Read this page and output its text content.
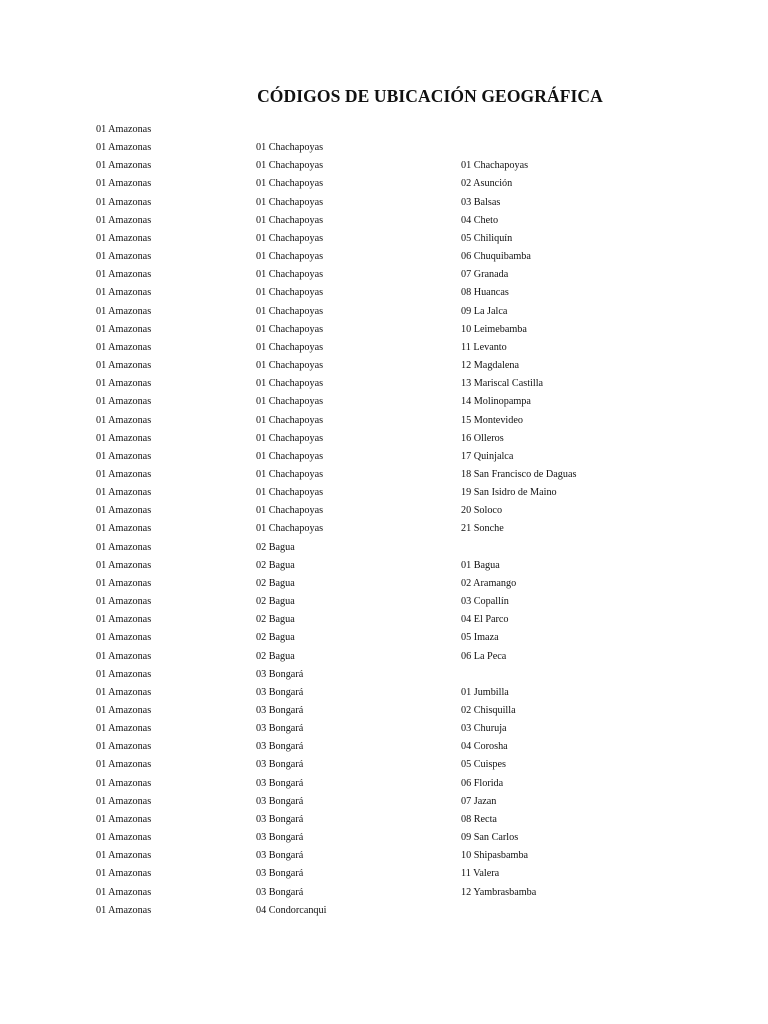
CÓDIGOS DE UBICACIÓN GEOGRÁFICA
01 Amazonas
01 Amazonas	01 Chachapoyas
01 Amazonas	01 Chachapoyas	01 Chachapoyas
01 Amazonas	01 Chachapoyas	02 Asunción
01 Amazonas	01 Chachapoyas	03 Balsas
01 Amazonas	01 Chachapoyas	04 Cheto
01 Amazonas	01 Chachapoyas	05 Chiliquín
01 Amazonas	01 Chachapoyas	06 Chuquibamba
01 Amazonas	01 Chachapoyas	07 Granada
01 Amazonas	01 Chachapoyas	08 Huancas
01 Amazonas	01 Chachapoyas	09 La Jalca
01 Amazonas	01 Chachapoyas	10 Leimebamba
01 Amazonas	01 Chachapoyas	11 Levanto
01 Amazonas	01 Chachapoyas	12 Magdalena
01 Amazonas	01 Chachapoyas	13 Mariscal Castilla
01 Amazonas	01 Chachapoyas	14 Molinopampa
01 Amazonas	01 Chachapoyas	15 Montevideo
01 Amazonas	01 Chachapoyas	16 Olleros
01 Amazonas	01 Chachapoyas	17 Quinjalca
01 Amazonas	01 Chachapoyas	18 San Francisco de Daguas
01 Amazonas	01 Chachapoyas	19 San Isidro de Maino
01 Amazonas	01 Chachapoyas	20 Soloco
01 Amazonas	01 Chachapoyas	21 Sonche
01 Amazonas	02 Bagua
01 Amazonas	02 Bagua	01 Bagua
01 Amazonas	02 Bagua	02 Aramango
01 Amazonas	02 Bagua	03 Copallín
01 Amazonas	02 Bagua	04 El Parco
01 Amazonas	02 Bagua	05 Imaza
01 Amazonas	02 Bagua	06 La Peca
01 Amazonas	03 Bongará
01 Amazonas	03 Bongará	01 Jumbilla
01 Amazonas	03 Bongará	02 Chisquilla
01 Amazonas	03 Bongará	03 Churuja
01 Amazonas	03 Bongará	04 Corosha
01 Amazonas	03 Bongará	05 Cuispes
01 Amazonas	03 Bongará	06 Florida
01 Amazonas	03 Bongará	07 Jazan
01 Amazonas	03 Bongará	08 Recta
01 Amazonas	03 Bongará	09 San Carlos
01 Amazonas	03 Bongará	10 Shipasbamba
01 Amazonas	03 Bongará	11 Valera
01 Amazonas	03 Bongará	12 Yambrasbamba
01 Amazonas	04 Condorcanqui
